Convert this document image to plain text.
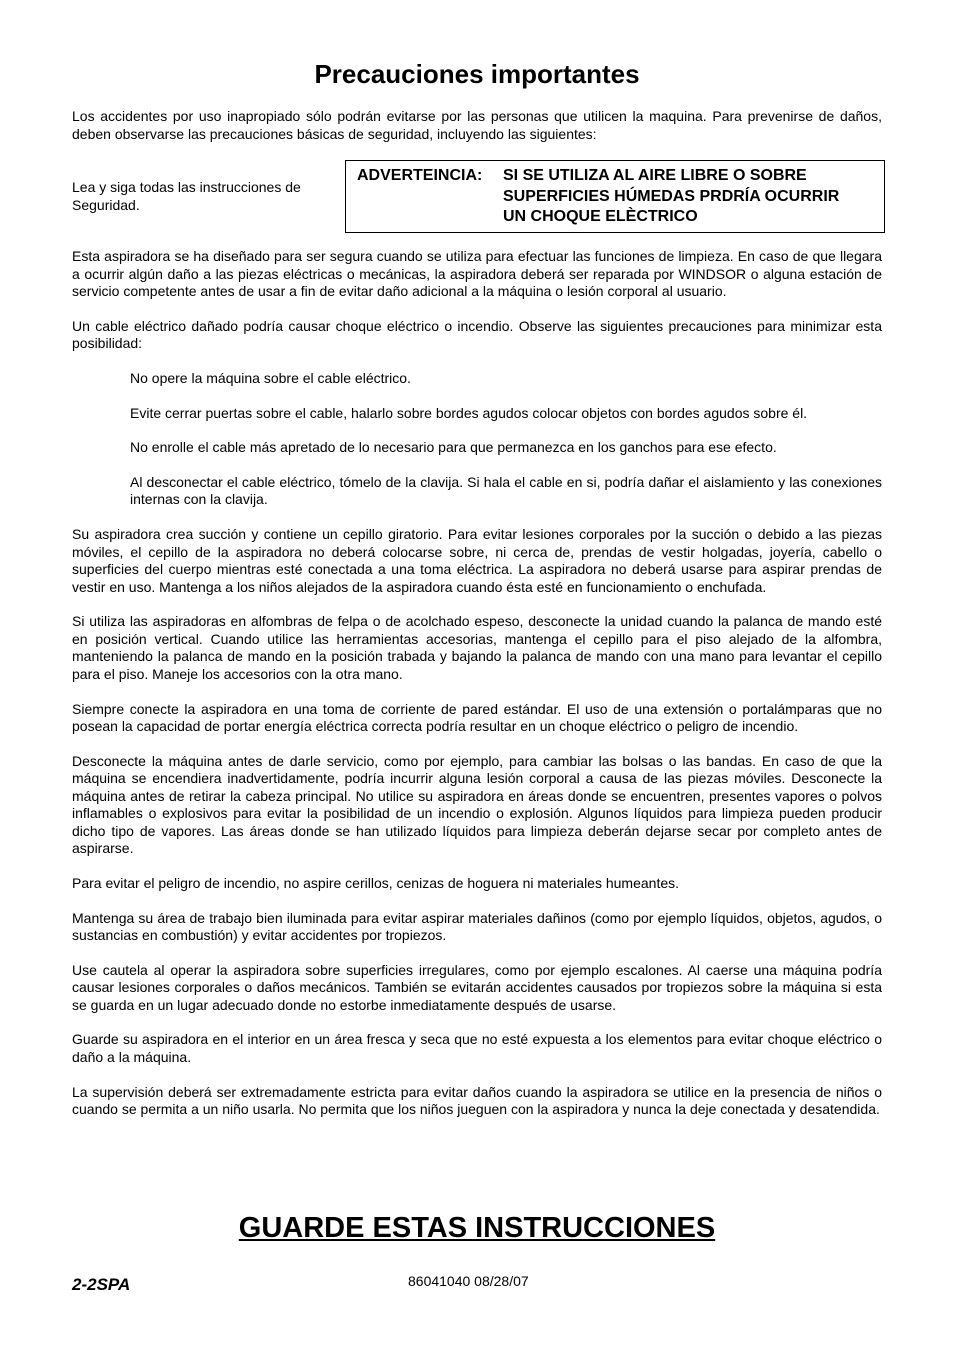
Precauciones importantes

Los accidentes por uso inapropiado sólo podrán evitarse por las personas que utilicen la maquina. Para prevenirse de daños, deben observarse las precauciones básicas de seguridad, incluyendo las siguientes:

Lea y siga todas las instrucciones de Seguridad.
ADVERTEINCIA: SI SE UTILIZA AL AIRE LIBRE O SOBRE
SUPERFICIES HÚMEDAS PRDRÍA OCURRIR
UN CHOQUE ELÈCTRICO

Esta aspiradora se ha diseñado para ser segura cuando se utiliza para efectuar las funciones de limpieza. En caso de que llegara a ocurrir algún daño a las piezas eléctricas o mecánicas, la aspiradora deberá ser reparada por WINDSOR o alguna estación de servicio competente antes de usar a fin de evitar daño adicional a la máquina o lesión corporal al usuario.

Un cable eléctrico dañado podría causar choque eléctrico o incendio. Observe las siguientes precauciones para minimizar esta posibilidad:

No opere la máquina sobre el cable eléctrico.

Evite cerrar puertas sobre el cable, halarlo sobre bordes agudos colocar objetos con bordes agudos sobre él.

No enrolle el cable más apretado de lo necesario para que permanezca en los ganchos para ese efecto.

Al desconectar el cable eléctrico, tómelo de la clavija. Si hala el cable en si, podría dañar el aislamiento y las conexiones internas con la clavija.

Su aspiradora crea succión y contiene un cepillo giratorio. Para evitar lesiones corporales por la succión o debido a las piezas móviles, el cepillo de la aspiradora no deberá colocarse sobre, ni cerca de, prendas de vestir holgadas, joyería, cabello o superficies del cuerpo mientras esté conectada a una toma eléctrica. La aspiradora no deberá usarse para aspirar prendas de vestir en uso. Mantenga a los niños alejados de la aspiradora cuando ésta esté en funcionamiento o enchufada.

Si utiliza las aspiradoras en alfombras de felpa o de acolchado espeso, desconecte la unidad cuando la palanca de mando esté en posición vertical. Cuando utilice las herramientas accesorias, mantenga el cepillo para el piso alejado de la alfombra, manteniendo la palanca de mando en la posición trabada y bajando la palanca de mando con una mano para levantar el cepillo para el piso. Maneje los accesorios con la otra mano.

Siempre conecte la aspiradora en una toma de corriente de pared estándar. El uso de una extensión o portalámparas que no posean la capacidad de portar energía eléctrica correcta podría resultar en un choque eléctrico o peligro de incendio.

Desconecte la máquina antes de darle servicio, como por ejemplo, para cambiar las bolsas o las bandas. En caso de que la máquina se encendiera inadvertidamente, podría incurrir alguna lesión corporal a causa de las piezas móviles. Desconecte la máquina antes de retirar la cabeza principal. No utilice su aspiradora en áreas donde se encuentren, presentes vapores o polvos inflamables o explosivos para evitar la posibilidad de un incendio o explosión. Algunos líquidos para limpieza pueden producir dicho tipo de vapores. Las áreas donde se han utilizado líquidos para limpieza deberán dejarse secar por completo antes de aspirarse.

Para evitar el peligro de incendio, no aspire cerillos, cenizas de hoguera ni materiales humeantes.

Mantenga su área de trabajo bien iluminada para evitar aspirar materiales dañinos (como por ejemplo líquidos, objetos, agudos, o sustancias en combustión) y evitar accidentes por tropiezos.

Use cautela al operar la aspiradora sobre superficies irregulares, como por ejemplo escalones. Al caerse una máquina podría causar lesiones corporales o daños mecánicos. También se evitarán accidentes causados por tropiezos sobre la máquina si esta se guarda en un lugar adecuado donde no estorbe inmediatamente después de usarse.

Guarde su aspiradora en el interior en un área fresca y seca que no esté expuesta a los elementos para evitar choque eléctrico o daño a la máquina.

La supervisión deberá ser extremadamente estricta para evitar daños cuando la aspiradora se utilice en la presencia de niños o cuando se permita a un niño usarla. No permita que los niños jueguen con la aspiradora y nunca la deje conectada y desatendida.

GUARDE ESTAS INSTRUCCIONES
2-2SPA	86041040 08/28/07
